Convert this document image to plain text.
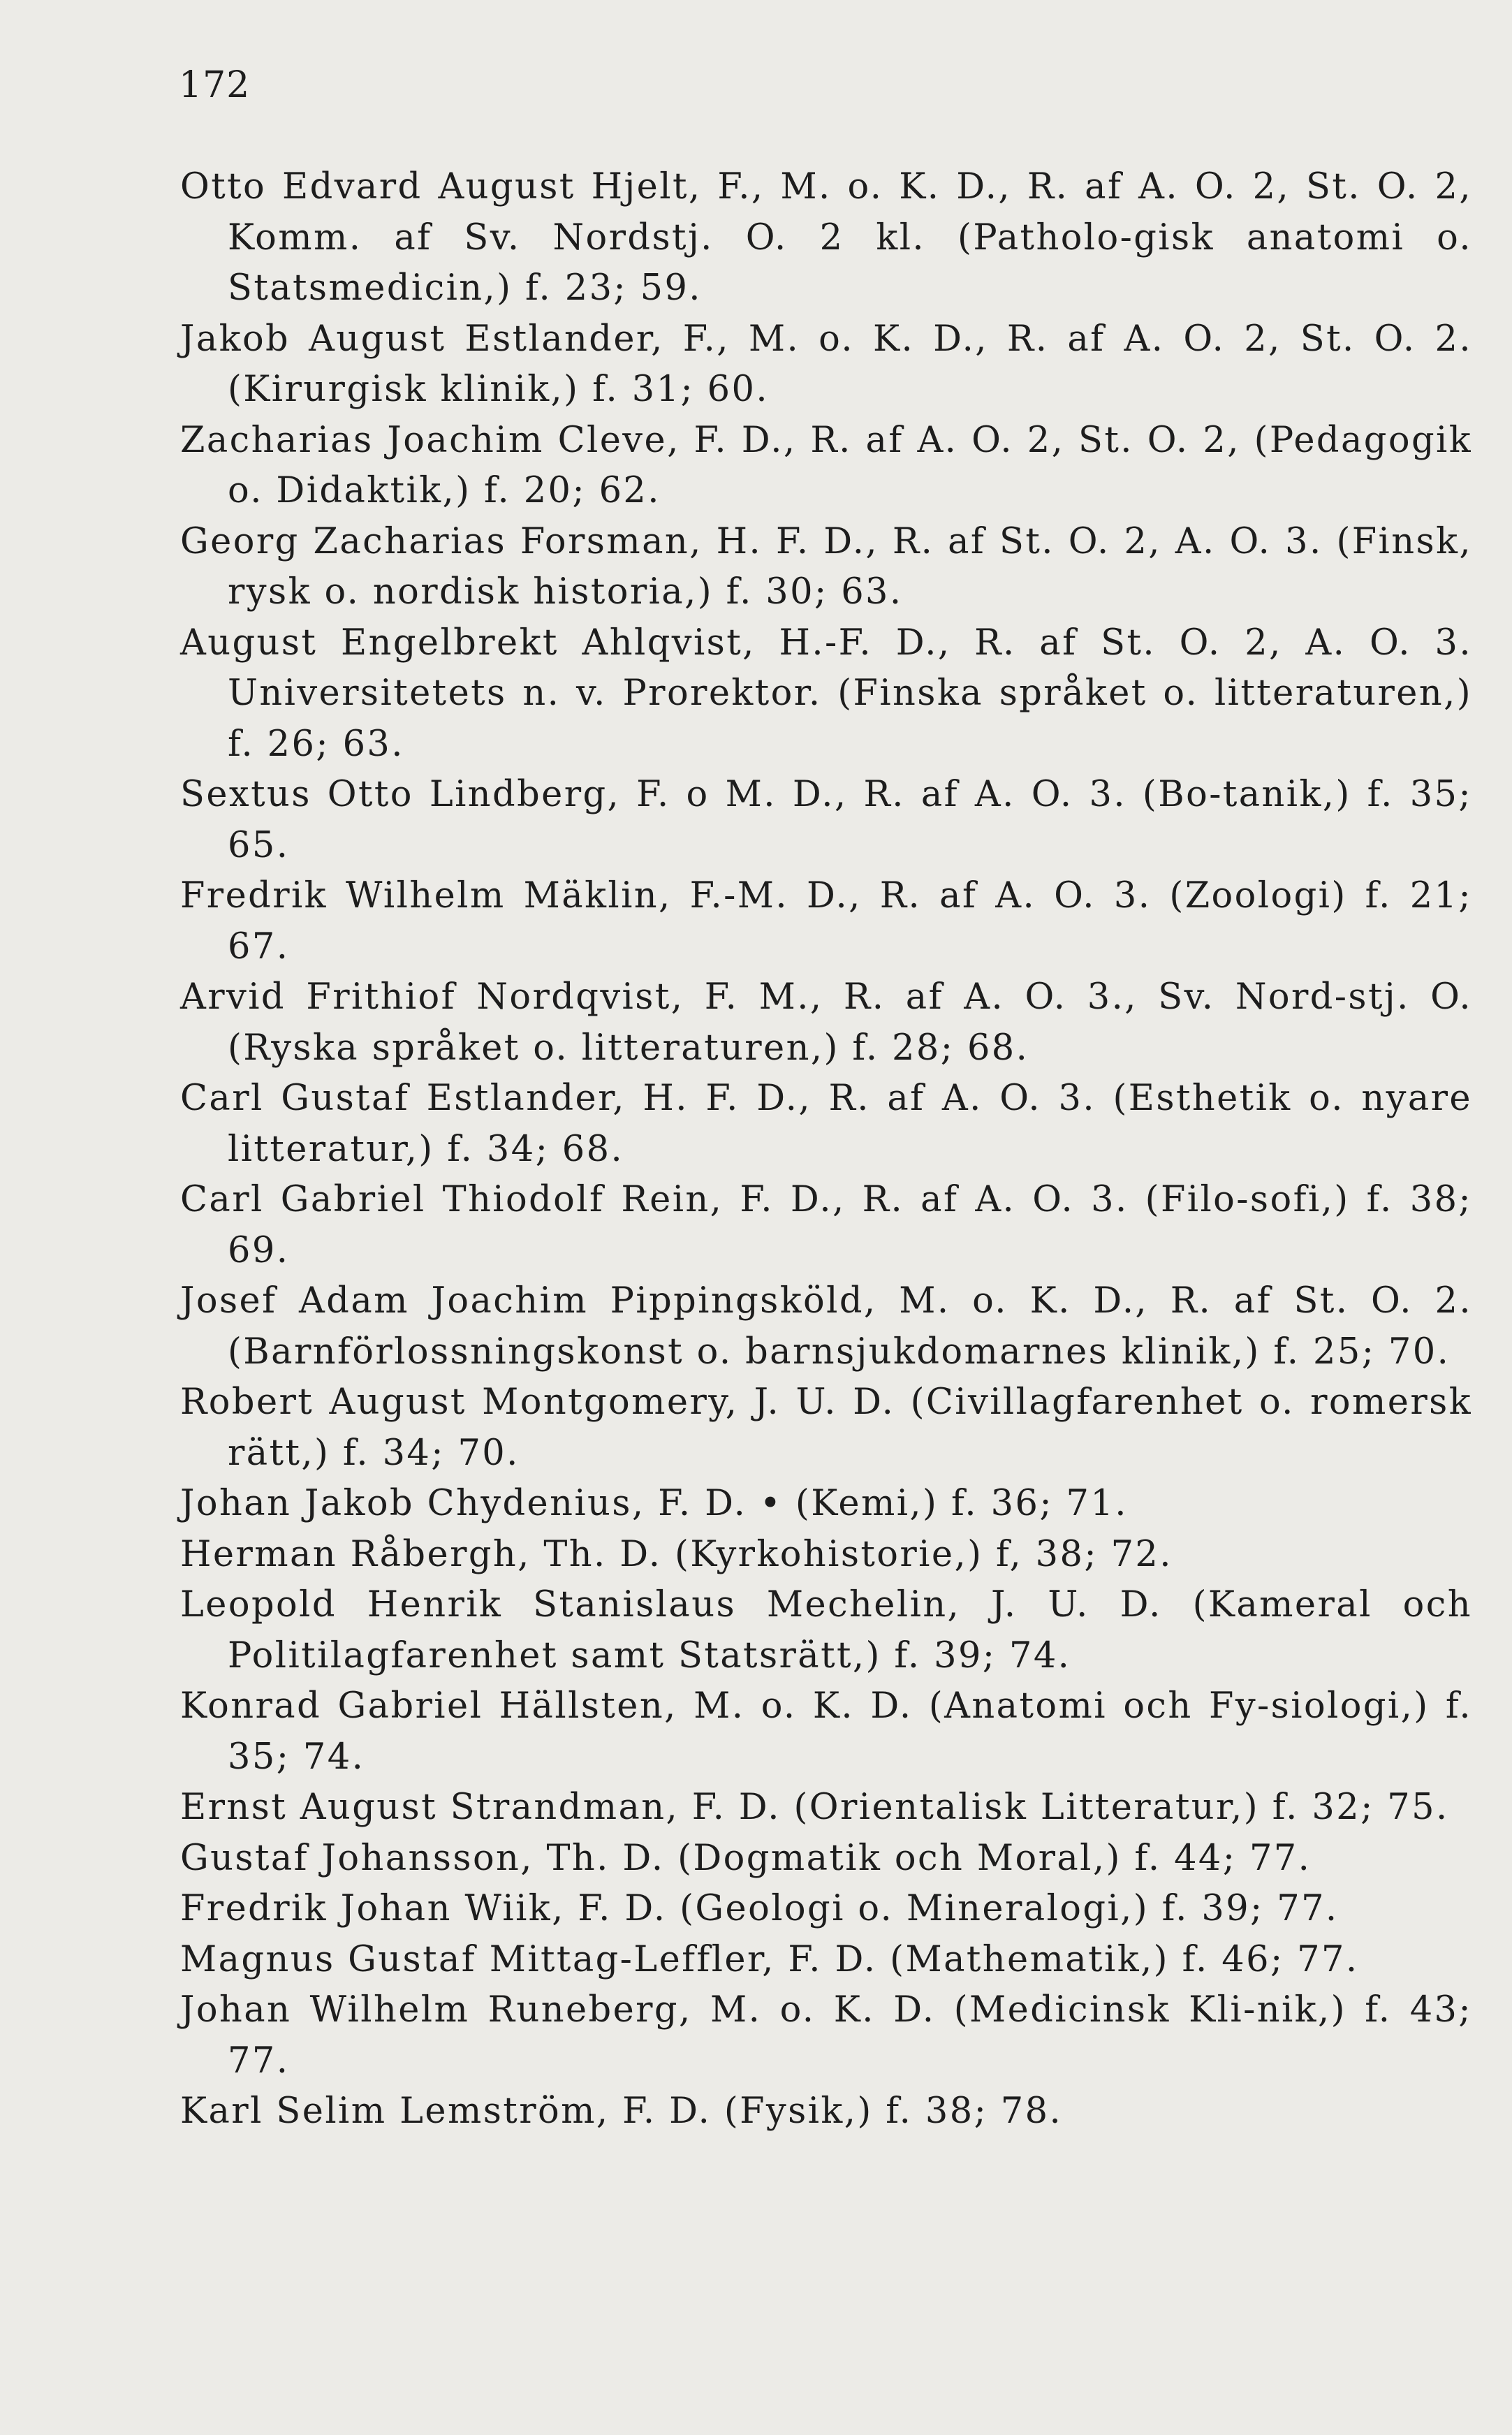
172

Otto Edvard August Hjelt, F., M. o. K. D., R. af A. O. 2, St. O. 2, Komm. af Sv. Nordstj. O. 2 kl. (Patholo-gisk anatomi o. Statsmedicin,) f. 23; 59.

Jakob August Estlander, F., M. o. K. D., R. af A. O. 2, St. O. 2. (Kirurgisk klinik,) f. 31; 60.

Zacharias Joachim Cleve, F. D., R. af A. O. 2, St. O. 2, (Pedagogik o. Didaktik,) f. 20; 62.

Georg Zacharias Forsman, H. F. D., R. af St. O. 2, A. O. 3. (Finsk, rysk o. nordisk historia,) f. 30; 63.

August Engelbrekt Ahlqvist, H.-F. D., R. af St. O. 2, A. O. 3. Universitetets n. v. Prorektor. (Finska språket o. litteraturen,) f. 26; 63.

Sextus Otto Lindberg, F. o M. D., R. af A. O. 3. (Bo-tanik,) f. 35; 65.

Fredrik Wilhelm Mäklin, F.-M. D., R. af A. O. 3. (Zoologi) f. 21; 67.

Arvid Frithiof Nordqvist, F. M., R. af A. O. 3., Sv. Nord-stj. O. (Ryska språket o. litteraturen,) f. 28; 68.

Carl Gustaf Estlander, H. F. D., R. af A. O. 3. (Esthetik o. nyare litteratur,) f. 34; 68.

Carl Gabriel Thiodolf Rein, F. D., R. af A. O. 3. (Filo-sofi,) f. 38; 69.

Josef Adam Joachim Pippingsköld, M. o. K. D., R. af St. O. 2. (Barnförlossningskonst o. barnsjukdomarnes klinik,) f. 25; 70.

Robert August Montgomery, J. U. D. (Civillagfarenhet o. romersk rätt,) f. 34; 70.

Johan Jakob Chydenius, F. D. • (Kemi,) f. 36; 71.

Herman Råbergh, Th. D. (Kyrkohistorie,) f, 38; 72.

Leopold Henrik Stanislaus Mechelin, J. U. D. (Kameral och Politilagfarenhet samt Statsrätt,) f. 39; 74.

Konrad Gabriel Hällsten, M. o. K. D. (Anatomi och Fy-siologi,) f. 35; 74.

Ernst August Strandman, F. D. (Orientalisk Litteratur,) f. 32; 75.

Gustaf Johansson, Th. D. (Dogmatik och Moral,) f. 44; 77.

Fredrik Johan Wiik, F. D. (Geologi o. Mineralogi,) f. 39; 77.

Magnus Gustaf Mittag-Leffler, F. D. (Mathematik,) f. 46; 77.

Johan Wilhelm Runeberg, M. o. K. D. (Medicinsk Kli-nik,) f. 43; 77.

Karl Selim Lemström, F. D. (Fysik,) f. 38; 78.
